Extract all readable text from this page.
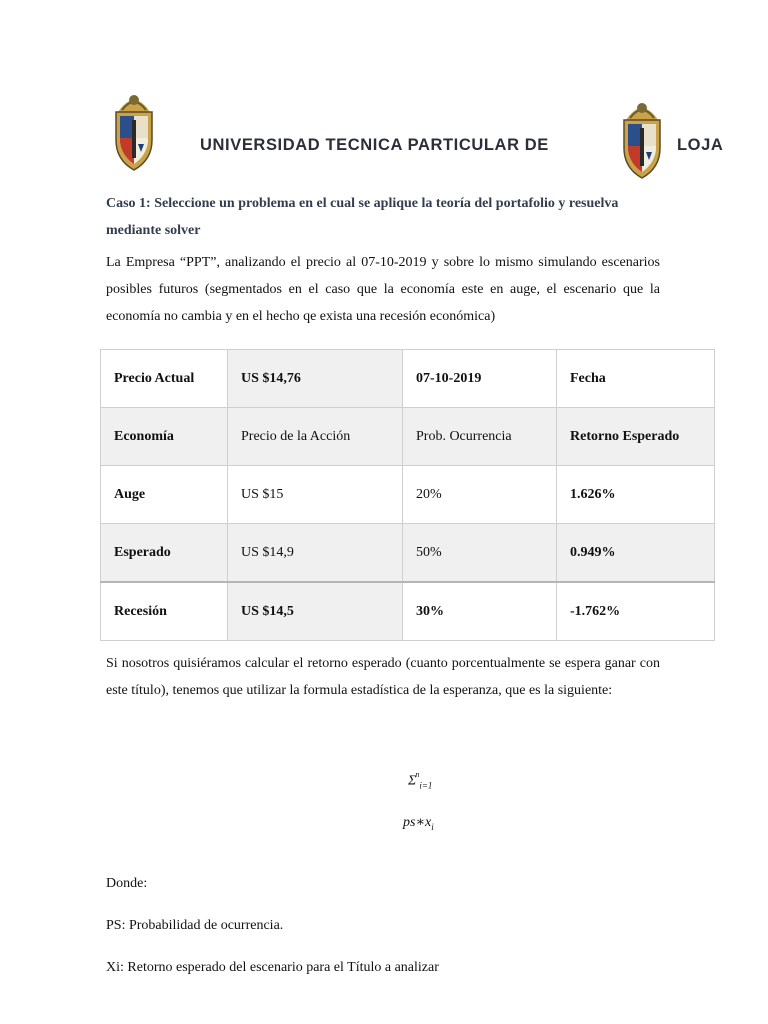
UNIVERSIDAD TECNICA PARTICULAR DE	LOJA
Caso 1: Seleccione un problema en el cual se aplique la teoría del portafolio y resuelva mediante solver
La Empresa “PPT”, analizando el precio al 07-10-2019 y sobre lo mismo simulando escenarios posibles futuros (segmentados en el caso que la economía este en auge, el escenario que la economía no cambia y en el hecho qe exista una recesión económica)
Precio Actual	US $14,76	07-10-2019	Fecha
Economía	Precio de la Acción	Prob. Ocurrencia	Retorno Esperado
Auge	US $15	20%	1.626%
Esperado	US $14,9	50%	0.949%
Recesión	US $14,5	30%	-1.762%
Si nosotros quisiéramos calcular el retorno esperado (cuanto porcentualmente se espera ganar con este título), tenemos que utilizar la formula estadística de la esperanza, que es la siguiente:
$\Sigma^n_{i=1}$
$ps∗x_i$
Donde:
PS: Probabilidad de ocurrencia.
Xi: Retorno esperado del escenario para el Título a analizar
